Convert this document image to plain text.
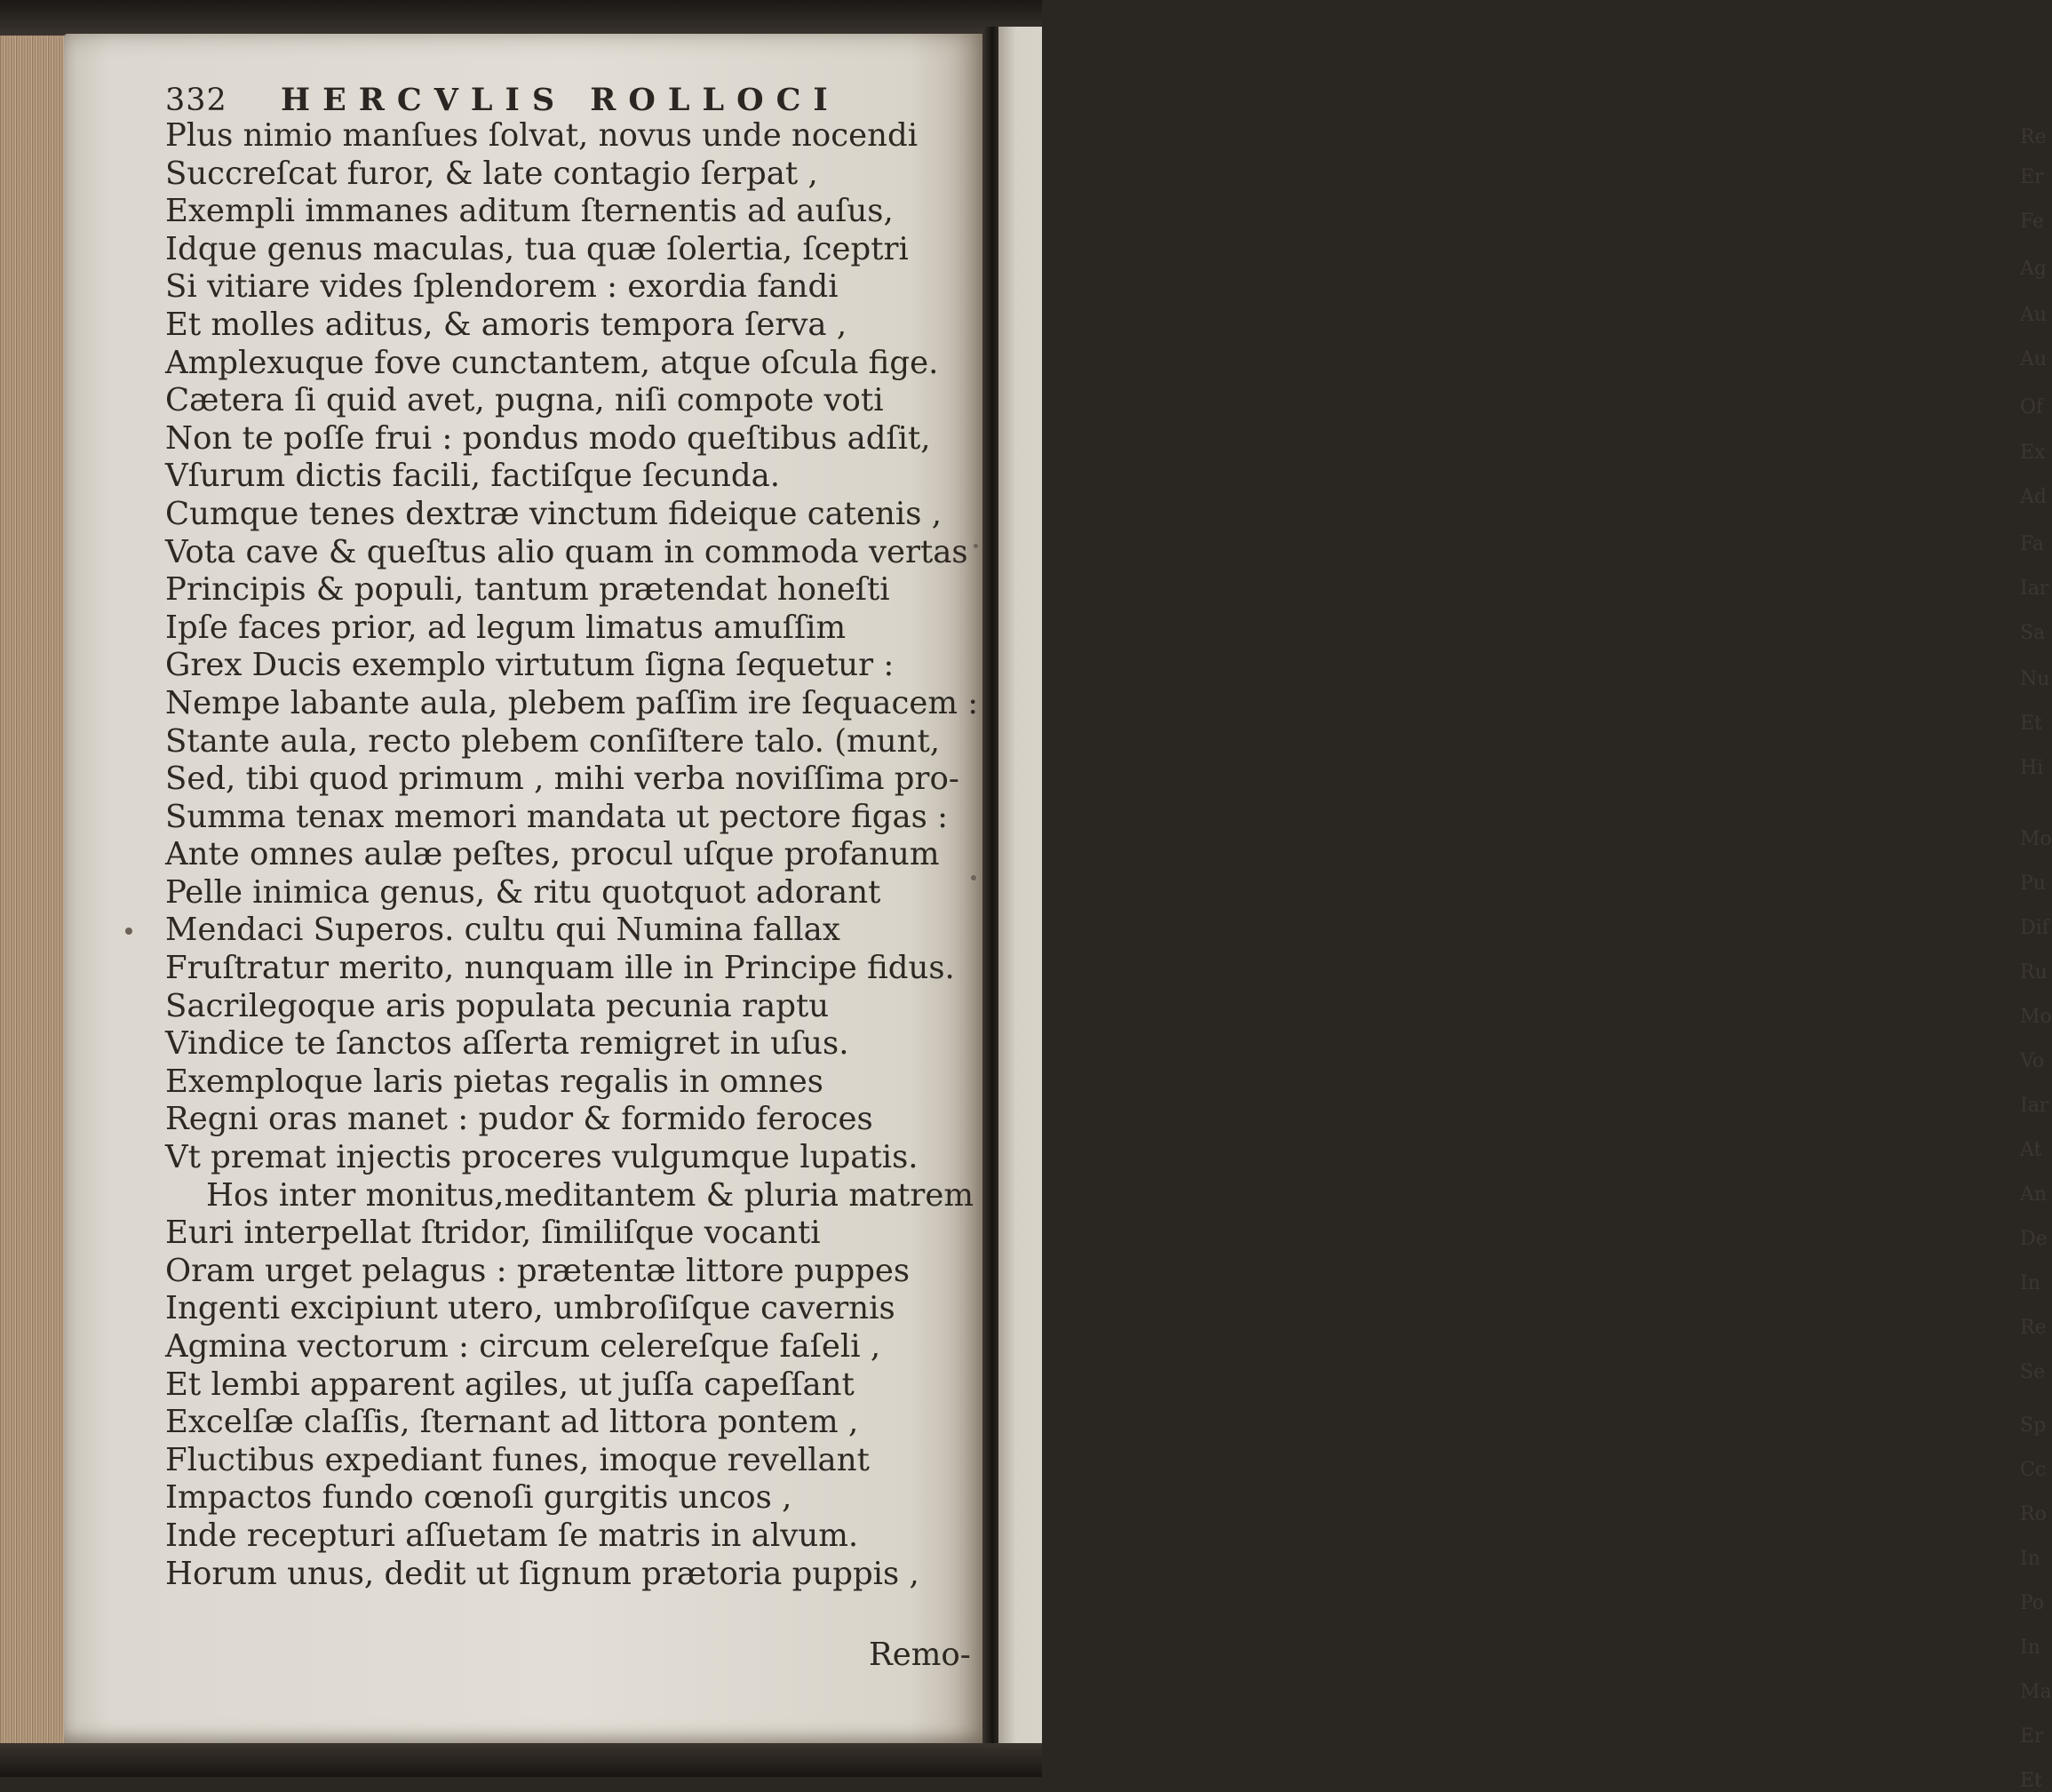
Re
Er
Fe
Ag
Au
Au
Of
Ex
Ad
Fa
Iar
Sa
Nu
Et
Hi
Mo
Pu
Dif
Ru
Mo
Vo
Iar
At
An
De
In
Re
Se
Sp
Cc
Ro
In
Po
In
Ma
Er
Et
332 HERCVLIS ROLLOCI
Plus nimio manſues ſolvat, novus unde nocendi
Succreſcat furor, & late contagio ſerpat ,
Exempli immanes aditum ſternentis ad auſus,
Idque genus maculas, tua quæ ſolertia, ſceptri
Si vitiare vides ſplendorem : exordia fandi
Et molles aditus, & amoris tempora ſerva ,
Amplexuque fove cunctantem, atque oſcula fige.
Cætera ſi quid avet, pugna, niſi compote voti
Non te poſſe frui : pondus modo queſtibus adſit,
Vſurum dictis facili, factiſque ſecunda.
Cumque tenes dextræ vinctum fideique catenis ,
Vota cave & queſtus alio quam in commoda vertas
Principis & populi, tantum prætendat honeſti
Ipſe faces prior, ad legum limatus amuſſim
Grex Ducis exemplo virtutum ſigna ſequetur :
Nempe labante aula, plebem paſſim ire ſequacem :
Stante aula, recto plebem conſiſtere talo. (munt,
Sed, tibi quod primum , mihi verba noviſſima pro-
Summa tenax memori mandata ut pectore figas :
Ante omnes aulæ peſtes, procul uſque profanum
Pelle inimica genus, & ritu quotquot adorant
Mendaci Superos. cultu qui Numina fallax
Fruſtratur merito, nunquam ille in Principe fidus.
Sacrilegoque aris populata pecunia raptu
Vindice te ſanctos aſſerta remigret in uſus.
Exemploque laris pietas regalis in omnes
Regni oras manet : pudor & formido feroces
Vt premat injectis proceres vulgumque lupatis.
Hos inter monitus,meditantem & pluria matrem
Euri interpellat ſtridor, ſimiliſque vocanti
Oram urget pelagus : prætentæ littore puppes
Ingenti excipiunt utero, umbroſiſque cavernis
Agmina vectorum : circum celereſque faſeli ,
Et lembi apparent agiles, ut juſſa capeſſant
Excelſæ claſſis, ſternant ad littora pontem ,
Fluctibus expediant funes, imoque revellant
Impactos fundo cœnoſi gurgitis uncos ,
Inde recepturi aſſuetam ſe matris in alvum.
Horum unus, dedit ut ſignum prætoria puppis ,
Remo-
